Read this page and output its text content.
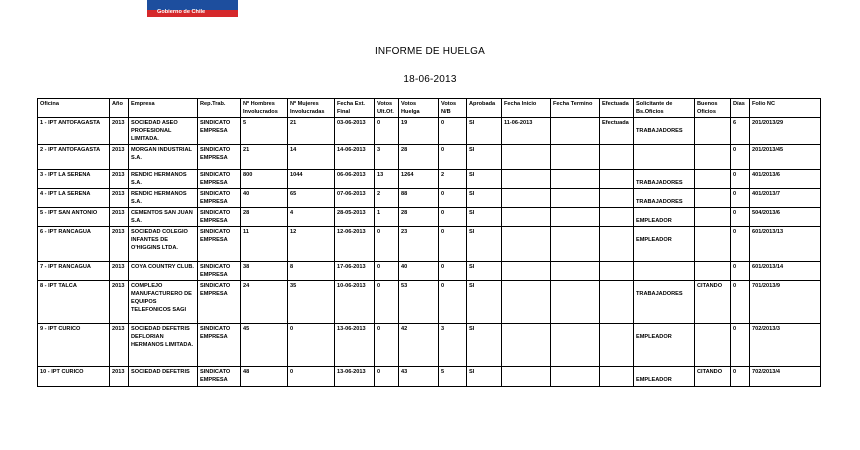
Gobierno de Chile
INFORME DE HUELGA
18-06-2013
Oficina	Año	Empresa	Rep.Trab.	Nº Hombres Involucrados	Nº Mujeres Involucradas	Fecha Ext. Final	Votos Ult.Of.	Votos Huelga	Votos N/B	Aprobada	Fecha Inicio	Fecha Termino	Efectuada	Solicitante de Bs.Oficios	Buenos Oficios	Días	Folio NC
1 - IPT ANTOFAGASTA	2013	SOCIEDAD ASEO PROFESIONAL LIMITADA.	SINDICATO EMPRESA	5	21	03-06-2013	0	19	0	SI	11-06-2013		Efectuada	TRABAJADORES		6	201/2013/29
2 - IPT ANTOFAGASTA	2013	MORGAN INDUSTRIAL S.A.	SINDICATO EMPRESA	21	14	14-06-2013	3	28	0	SI						0	201/2013/45
3 - IPT LA SERENA	2013	RENDIC HERMANOS S.A.	SINDICATO EMPRESA	800	1044	06-06-2013	13	1264	2	SI				TRABAJADORES		0	401/2013/6
4 - IPT LA SERENA	2013	RENDIC HERMANOS S.A.	SINDICATO EMPRESA	40	65	07-06-2013	2	88	0	SI				TRABAJADORES		0	401/2013/7
5 - IPT SAN ANTONIO	2013	CEMENTOS SAN JUAN S.A.	SINDICATO EMPRESA	28	4	28-05-2013	1	28	0	SI				EMPLEADOR		0	504/2013/6
6 - IPT RANCAGUA	2013	SOCIEDAD COLEGIO INFANTES DE O'HIGGINS LTDA.	SINDICATO EMPRESA	11	12	12-06-2013	0	23	0	SI				EMPLEADOR		0	601/2013/13
7 - IPT RANCAGUA	2013	COYA COUNTRY CLUB.	SINDICATO EMPRESA	38	8	17-06-2013	0	40	0	SI						0	601/2013/14
8 - IPT TALCA	2013	COMPLEJO MANUFACTURERO DE EQUIPOS TELEFONICOS SAGI	SINDICATO EMPRESA	24	35	10-06-2013	0	53	0	SI				TRABAJADORES	CITANDO	0	701/2013/9
9 - IPT CURICO	2013	SOCIEDAD DEFETRIS DEFLORIAN HERMANOS LIMITADA.	SINDICATO EMPRESA	45	0	13-06-2013	0	42	3	SI				EMPLEADOR		0	702/2013/3
10 - IPT CURICO	2013	SOCIEDAD DEFETRIS	SINDICATO EMPRESA	48	0	13-06-2013	0	43	5	SI				EMPLEADOR	CITANDO	0	702/2013/4
